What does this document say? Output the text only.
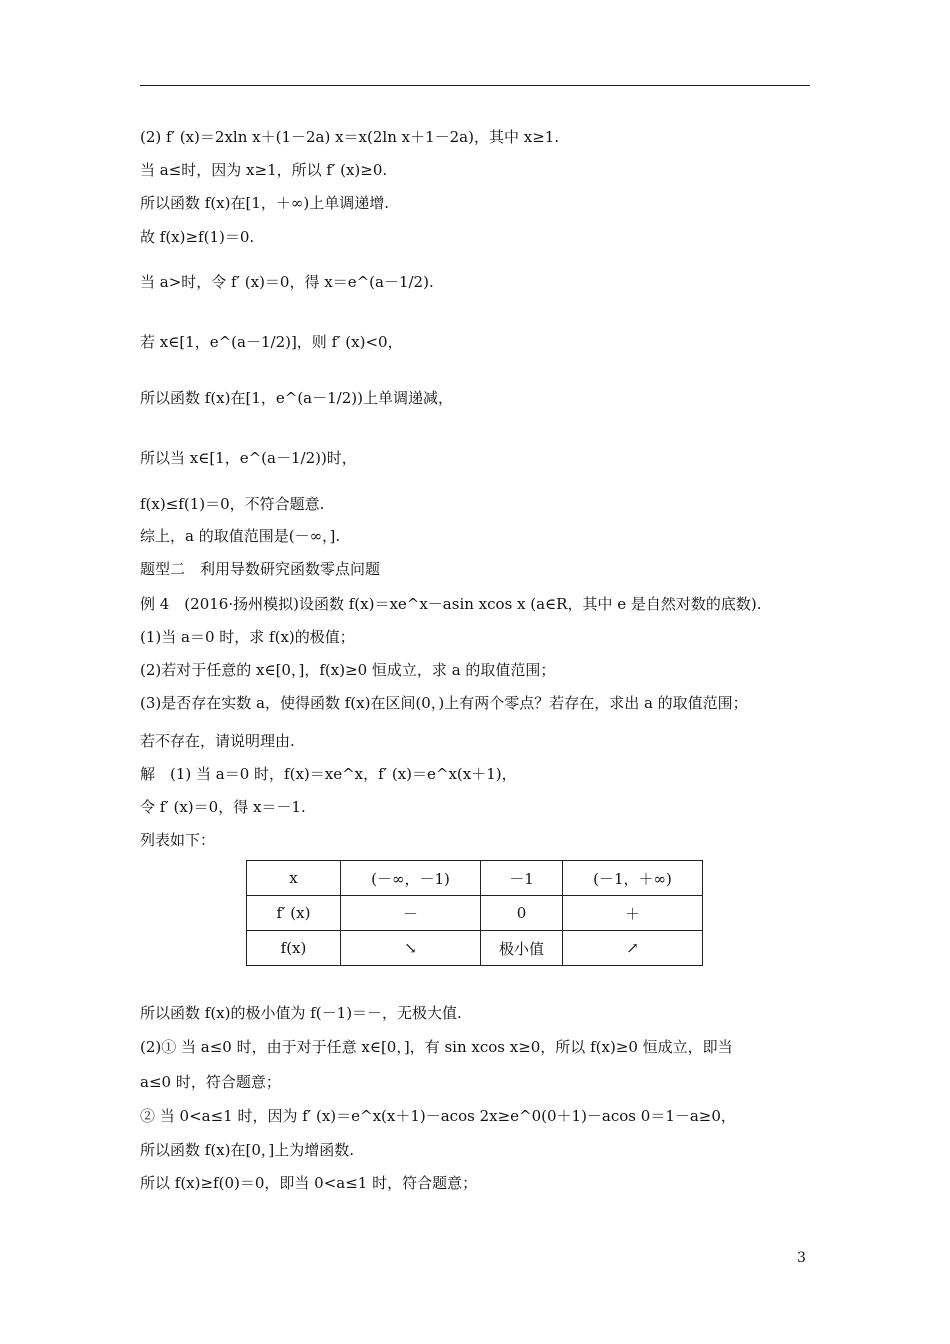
(2) f′ (x)＝2xln x＋(1－2a) x＝x(2ln x＋1－2a)，其中 x≥1.
当 a≤时，因为 x≥1，所以 f′ (x)≥0.
所以函数 f(x)在[1，＋∞)上单调递增.
故 f(x)≥f(1)＝0.
当 a>时，令 f′ (x)＝0，得 x＝e^(a－1/2).
若 x∈[1，e^(a－1/2)]，则 f′ (x)<0，
所以函数 f(x)在[1，e^(a－1/2))上单调递减，
所以当 x∈[1，e^(a－1/2))时，
f(x)≤f(1)＝0，不符合题意.
综上，a 的取值范围是(－∞，].
题型二　利用导数研究函数零点问题
例 4　(2016·扬州模拟)设函数 f(x)＝xe^x－asin xcos x (a∈R，其中 e 是自然对数的底数).
(1)当 a＝0 时，求 f(x)的极值；
(2)若对于任意的 x∈[0，]，f(x)≥0 恒成立，求 a 的取值范围；
(3)是否存在实数 a，使得函数 f(x)在区间(0，)上有两个零点？若存在，求出 a 的取值范围；
若不存在，请说明理由.
解　(1) 当 a＝0 时，f(x)＝xe^x，f′ (x)＝e^x(x＋1)，
令 f′ (x)＝0，得 x＝－1.
列表如下：
x	(－∞，－1)	－1	(－1，＋∞)
f′ (x)	－	0	＋
f(x)	↘	极小值	↗
所以函数 f(x)的极小值为 f(－1)＝－，无极大值.
(2)① 当 a≤0 时，由于对于任意 x∈[0，]，有 sin xcos x≥0，所以 f(x)≥0 恒成立，即当
a≤0 时，符合题意；
② 当 0<a≤1 时，因为 f′ (x)＝e^x(x＋1)－acos 2x≥e^0(0＋1)－acos 0＝1－a≥0，
所以函数 f(x)在[0，]上为增函数.
所以 f(x)≥f(0)＝0，即当 0<a≤1 时，符合题意；
3
